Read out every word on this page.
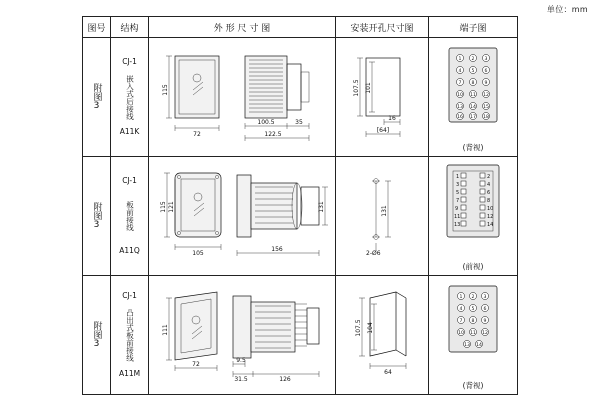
单位：mm
图号	结构	外 形 尺 寸 图	安装开孔尺寸图	端子图

附图3

CJ-1
嵌入式后接线
A11K

115
72
100.5	35
122.5

107.5 101
16
[64]

1 2 3
4 5 6
7 8 9
10 11 12
13 14 15
16 17 18
(背视)

附图3

CJ-1
板前接线
A11Q

115 121
105
131
156

131
2-Ø6

1	2
3	4
5	6
7	8
9	10
11	12
13	14
(前视)

附图3

CJ-1
凸出式板前接线
A11M

111
72
9.5
31.5	126

107.5 104
64

1 2 3
4 5 6
7 8 9
10 11 12
13 14
(背视)
